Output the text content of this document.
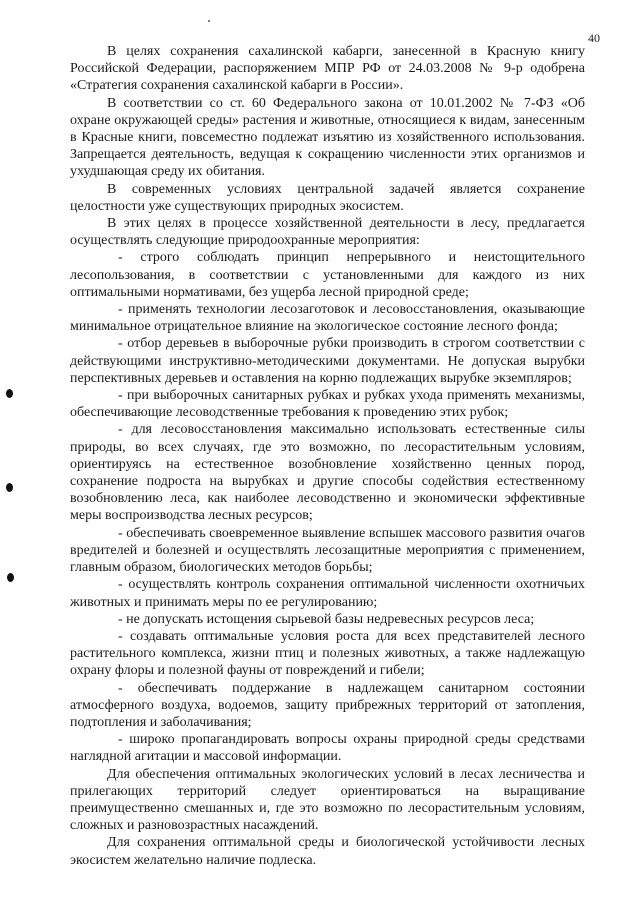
40

В целях сохранения сахалинской кабарги, занесенной в Красную книгу Российской Федерации, распоряжением МПР РФ от 24.03.2008 № 9-р одобрена «Стратегия сохранения сахалинской кабарги в России».

В соответствии со ст. 60 Федерального закона от 10.01.2002 № 7-ФЗ «Об охране окружающей среды» растения и животные, относящиеся к видам, занесенным в Красные книги, повсеместно подлежат изъятию из хозяйственного использования. Запрещается деятельность, ведущая к сокращению численности этих организмов и ухудшающая среду их обитания.

В современных условиях центральной задачей является сохранение целостности уже существующих природных экосистем.

В этих целях в процессе хозяйственной деятельности в лесу, предлагается осуществлять следующие природоохранные мероприятия:

- строго соблюдать принцип непрерывного и неистощительного лесопользования, в соответствии с установленными для каждого из них оптимальными нормативами, без ущерба лесной природной среде;

- применять технологии лесозаготовок и лесовосстановления, оказывающие минимальное отрицательное влияние на экологическое состояние лесного фонда;

- отбор деревьев в выборочные рубки производить в строгом соответствии с действующими инструктивно-методическими документами. Не допуская вырубки перспективных деревьев и оставления на корню подлежащих вырубке экземпляров;

- при выборочных санитарных рубках и рубках ухода применять механизмы, обеспечивающие лесоводственные требования к проведению этих рубок;

- для лесовосстановления максимально использовать естественные силы природы, во всех случаях, где это возможно, по лесорастительным условиям, ориентируясь на естественное возобновление хозяйственно ценных пород, сохранение подроста на вырубках и другие способы содействия естественному возобновлению леса, как наиболее лесоводственно и экономически эффективные меры воспроизводства лесных ресурсов;

- обеспечивать своевременное выявление вспышек массового развития очагов вредителей и болезней и осуществлять лесозащитные мероприятия с применением, главным образом, биологических методов борьбы;

- осуществлять контроль сохранения оптимальной численности охотничьих животных и принимать меры по ее регулированию;

- не допускать истощения сырьевой базы недревесных ресурсов леса;

- создавать оптимальные условия роста для всех представителей лесного растительного комплекса, жизни птиц и полезных животных, а также надлежащую охрану флоры и полезной фауны от повреждений и гибели;

- обеспечивать поддержание в надлежащем санитарном состоянии атмосферного воздуха, водоемов, защиту прибрежных территорий от затопления, подтопления и заболачивания;

- широко пропагандировать вопросы охраны природной среды средствами наглядной агитации и массовой информации.

Для обеспечения оптимальных экологических условий в лесах лесничества и прилегающих территорий следует ориентироваться на выращивание преимущественно смешанных и, где это возможно по лесорастительным условиям, сложных и разновозрастных насаждений.

Для сохранения оптимальной среды и биологической устойчивости лесных экосистем желательно наличие подлеска.
